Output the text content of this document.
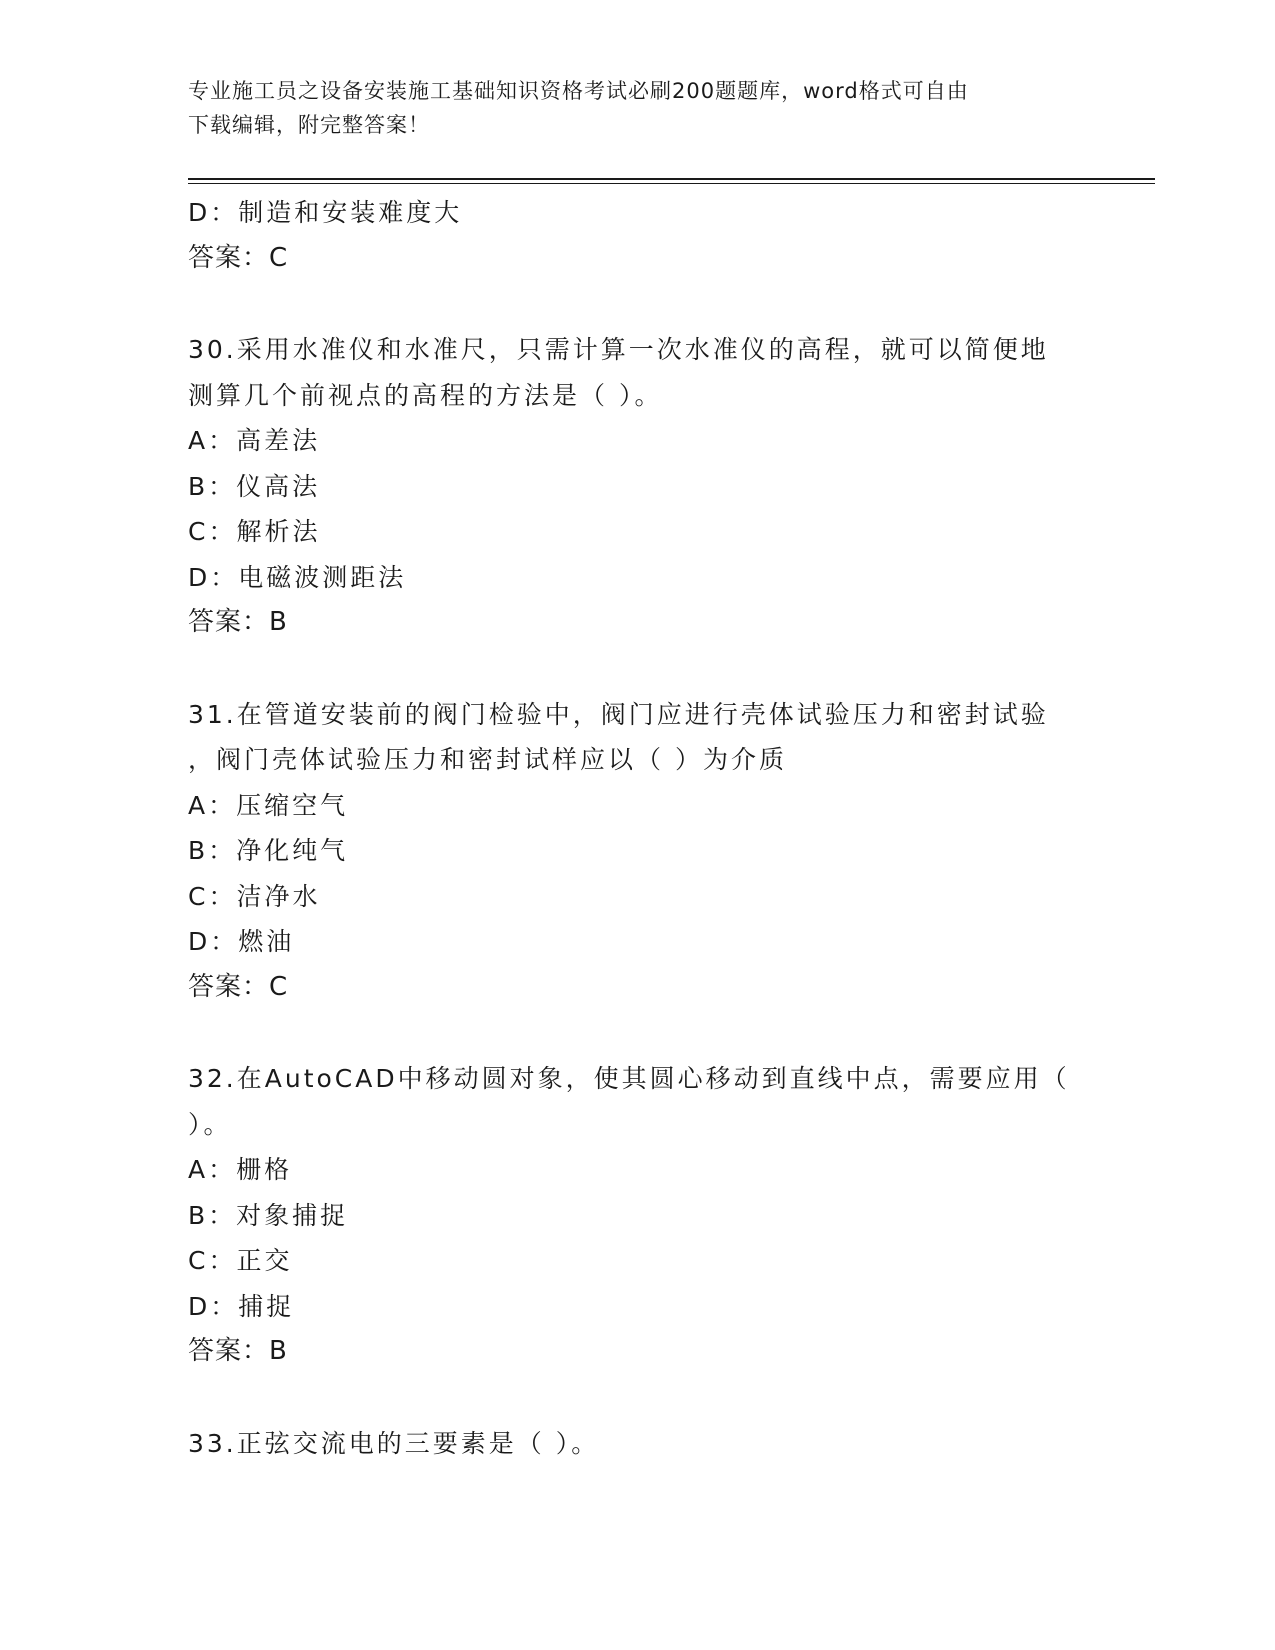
专业施工员之设备安装施工基础知识资格考试必刷200题题库，word格式可自由
下载编辑，附完整答案！
D：制造和安装难度大
答案：C
30.采用水准仪和水准尺，只需计算一次水准仪的高程，就可以简便地
测算几个前视点的高程的方法是（ ）。
A：高差法
B：仪高法
C：解析法
D：电磁波测距法
答案：B
31.在管道安装前的阀门检验中，阀门应进行壳体试验压力和密封试验
，阀门壳体试验压力和密封试样应以（ ）为介质
A：压缩空气
B：净化纯气
C：洁净水
D：燃油
答案：C
32.在AutoCAD中移动圆对象，使其圆心移动到直线中点，需要应用（
）。
A：栅格
B：对象捕捉
C：正交
D：捕捉
答案：B
33.正弦交流电的三要素是（ ）。
